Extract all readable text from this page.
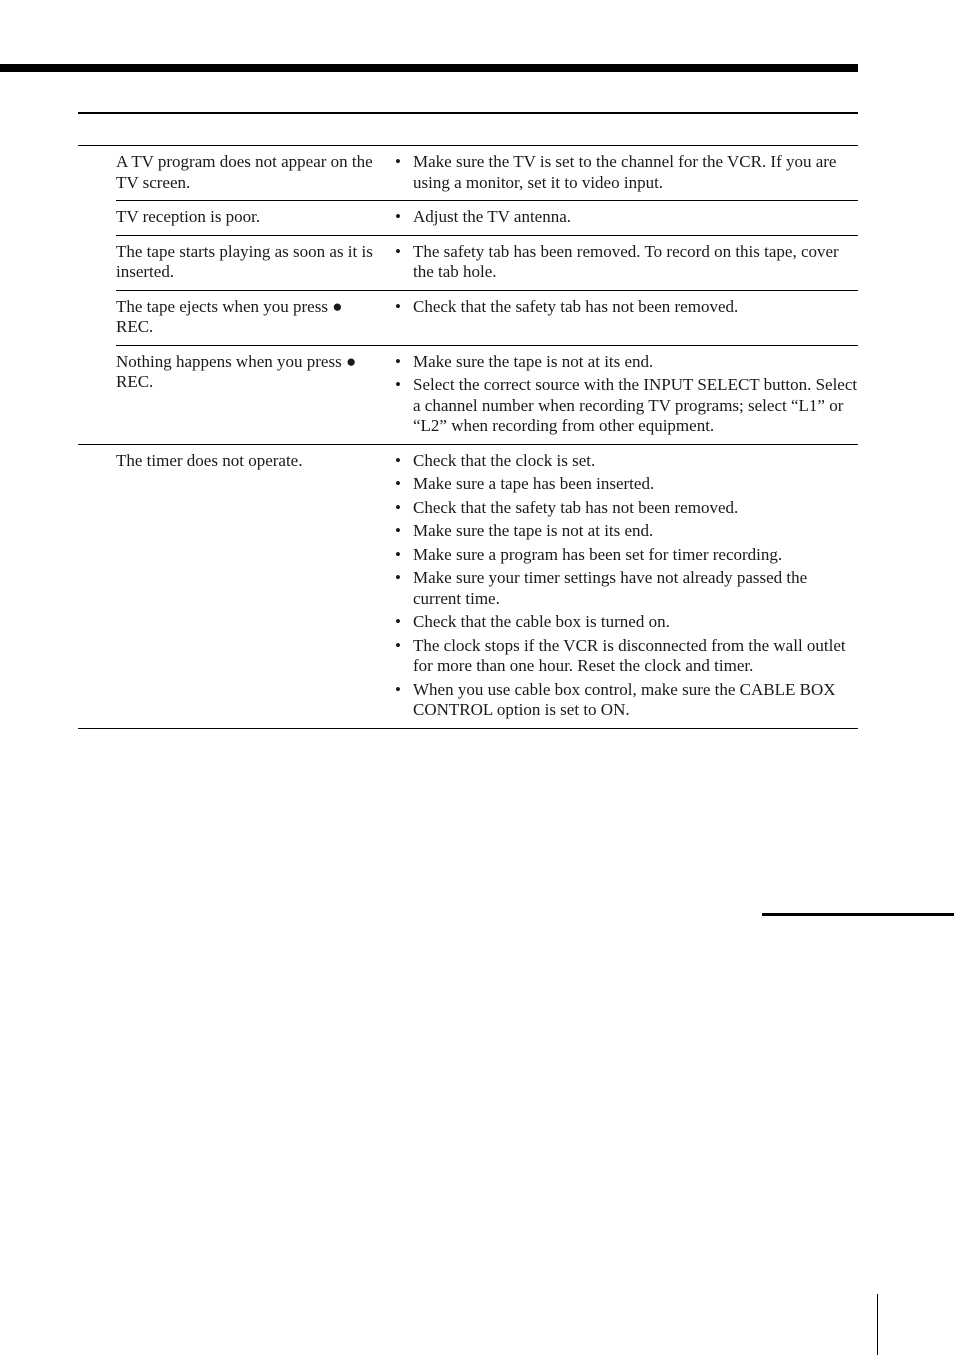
A TV program does not appear on the TV screen.
• Make sure the TV is set to the channel for the VCR. If you are using a monitor, set it to video input.
TV reception is poor.	• Adjust the TV antenna.
The tape starts playing as soon as it is inserted.
• The safety tab has been removed. To record on this tape, cover the tab hole.
The tape ejects when you press ● REC.
• Check that the safety tab has not been removed.
Nothing happens when you press ● REC.
• Make sure the tape is not at its end.
• Select the correct source with the INPUT SELECT button. Select a channel number when recording TV programs; select “L1” or “L2” when recording from other equipment.
The timer does not operate.	• Check that the clock is set.
• Make sure a tape has been inserted.
• Check that the safety tab has not been removed.
• Make sure the tape is not at its end.
• Make sure a program has been set for timer recording.
• Make sure your timer settings have not already passed the current time.
• Check that the cable box is turned on.
• The clock stops if the VCR is disconnected from the wall outlet for more than one hour. Reset the clock and timer.
• When you use cable box control, make sure the CABLE BOX CONTROL option is set to ON.
